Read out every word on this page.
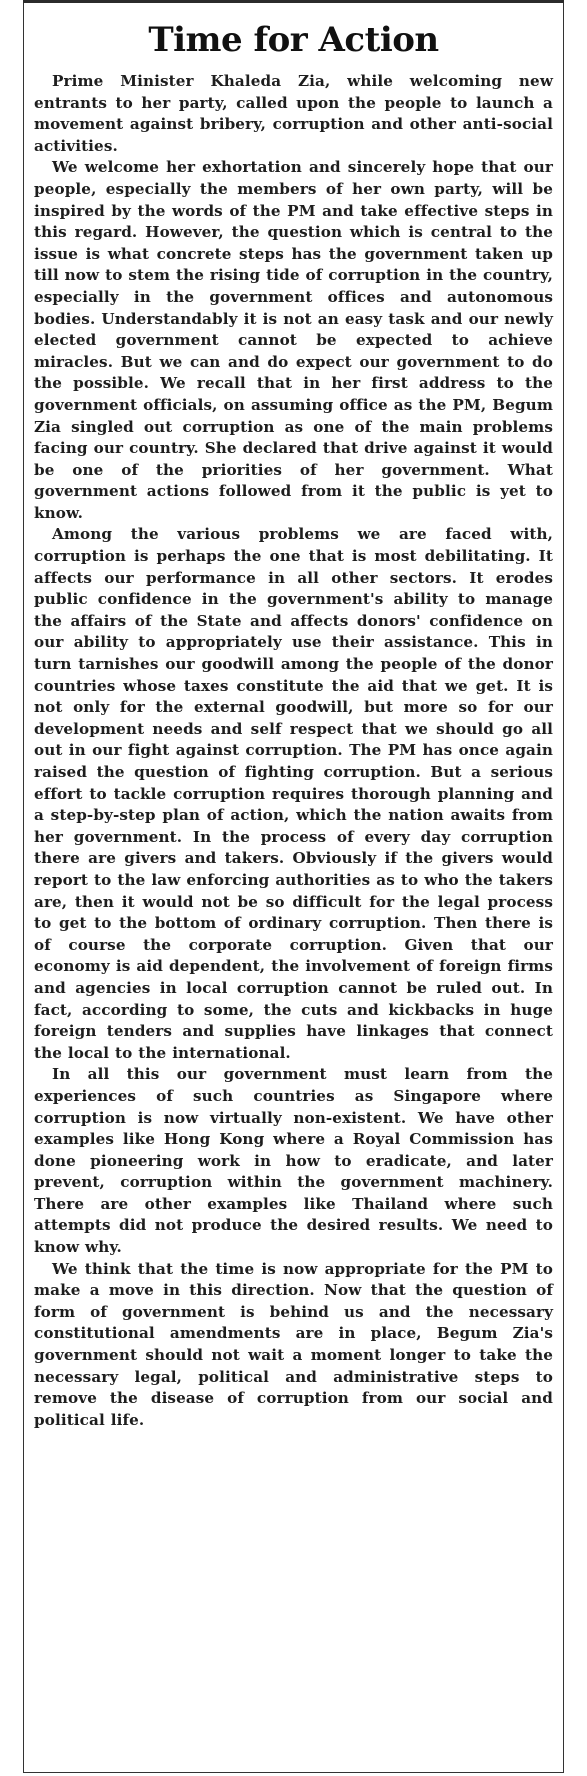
Time for Action

Prime Minister Khaleda Zia, while welcoming new entrants to her party, called upon the people to launch a movement against bribery, corruption and other anti-social activities.

We welcome her exhortation and sincerely hope that our people, especially the members of her own party, will be inspired by the words of the PM and take effective steps in this regard. However, the question which is central to the issue is what concrete steps has the government taken up till now to stem the rising tide of corruption in the country, especially in the government offices and autonomous bodies. Understandably it is not an easy task and our newly elected government cannot be expected to achieve miracles. But we can and do expect our government to do the possible. We recall that in her first address to the government officials, on assuming office as the PM, Begum Zia singled out corruption as one of the main problems facing our country. She declared that drive against it would be one of the priorities of her government. What government actions followed from it the public is yet to know.

Among the various problems we are faced with, corruption is perhaps the one that is most debilitating. It affects our performance in all other sectors. It erodes public confidence in the government's ability to manage the affairs of the State and affects donors' confidence on our ability to appropriately use their assistance. This in turn tarnishes our goodwill among the people of the donor countries whose taxes constitute the aid that we get. It is not only for the external goodwill, but more so for our development needs and self respect that we should go all out in our fight against corruption. The PM has once again raised the question of fighting corruption. But a serious effort to tackle corruption requires thorough planning and a step-by-step plan of action, which the nation awaits from her government. In the process of every day corruption there are givers and takers. Obviously if the givers would report to the law enforcing authorities as to who the takers are, then it would not be so difficult for the legal process to get to the bottom of ordinary corruption. Then there is of course the corporate corruption. Given that our economy is aid dependent, the involvement of foreign firms and agencies in local corruption cannot be ruled out. In fact, according to some, the cuts and kickbacks in huge foreign tenders and supplies have linkages that connect the local to the international.

In all this our government must learn from the experiences of such countries as Singapore where corruption is now virtually non-existent. We have other examples like Hong Kong where a Royal Commission has done pioneering work in how to eradicate, and later prevent, corruption within the government machinery. There are other examples like Thailand where such attempts did not produce the desired results. We need to know why.

We think that the time is now appropriate for the PM to make a move in this direction. Now that the question of form of government is behind us and the necessary constitutional amendments are in place, Begum Zia's government should not wait a moment longer to take the necessary legal, political and administrative steps to remove the disease of corruption from our social and political life.
